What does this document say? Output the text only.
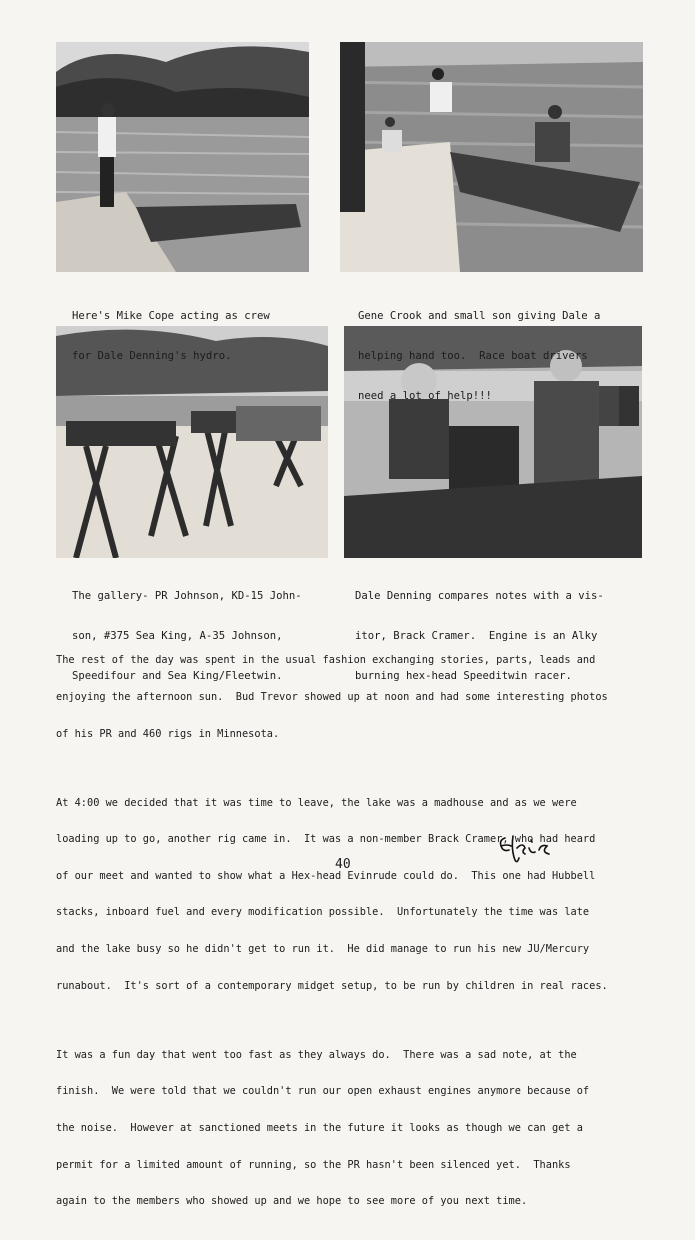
Here's Mike Cope acting as crew

for Dale Denning's hydro.

Gene Crook and small son giving Dale a

helping hand too.  Race boat drivers

need a lot of help!!!

The gallery- PR Johnson, KD-15 John-

son, #375 Sea King, A-35 Johnson,

Speedifour and Sea King/Fleetwin.

Dale Denning compares notes with a vis-

itor, Brack Cramer.  Engine is an Alky

burning hex-head Speeditwin racer.

The rest of the day was spent in the usual fashion exchanging stories, parts, leads and

enjoying the afternoon sun.  Bud Trevor showed up at noon and had some interesting photos

of his PR and 460 rigs in Minnesota.

At 4:00 we decided that it was time to leave, the lake was a madhouse and as we were

loading up to go, another rig came in.  It was a non-member Brack Cramer, who had heard

of our meet and wanted to show what a Hex-head Evinrude could do.  This one had Hubbell

stacks, inboard fuel and every modification possible.  Unfortunately the time was late

and the lake busy so he didn't get to run it.  He did manage to run his new JU/Mercury

runabout.  It's sort of a contemporary midget setup, to be run by children in real races.

It was a fun day that went too fast as they always do.  There was a sad note, at the

finish.  We were told that we couldn't run our open exhaust engines anymore because of

the noise.  However at sanctioned meets in the future it looks as though we can get a

permit for a limited amount of running, so the PR hasn't been silenced yet.  Thanks

again to the members who showed up and we hope to see more of you next time.

40
